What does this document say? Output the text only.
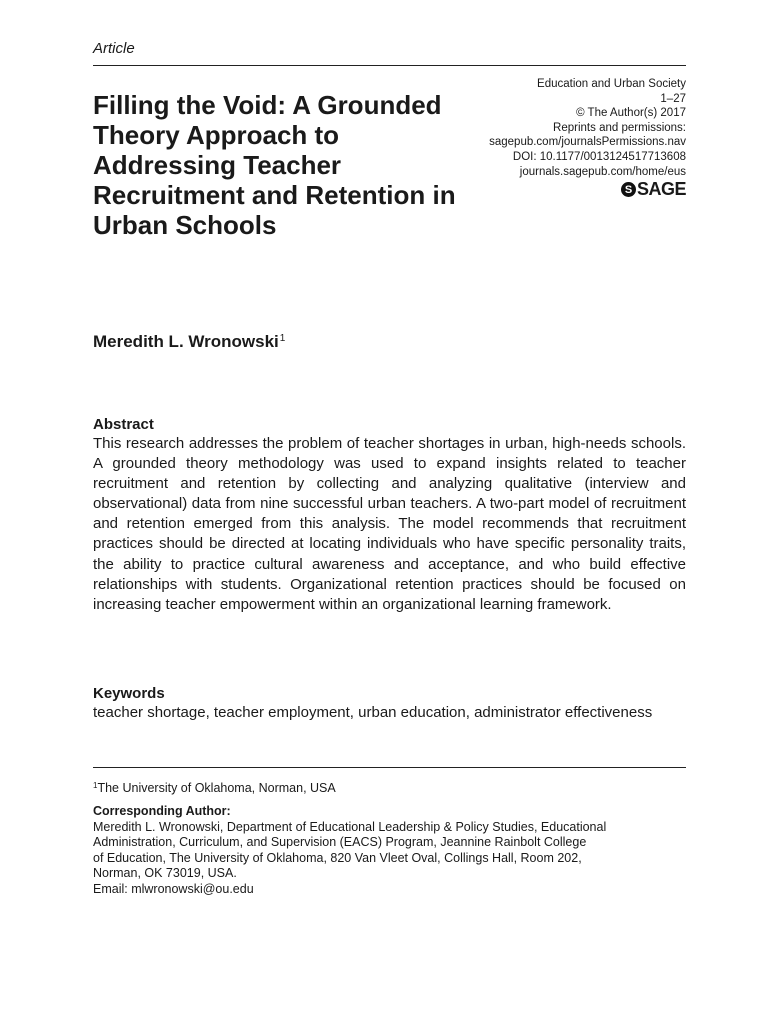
Article
Education and Urban Society
1–27
© The Author(s) 2017
Reprints and permissions:
sagepub.com/journalsPermissions.nav
DOI: 10.1177/0013124517713608
journals.sagepub.com/home/eus
S SAGE
Filling the Void: A Grounded Theory Approach to Addressing Teacher Recruitment and Retention in Urban Schools

Meredith L. Wronowski$^1$

Abstract

This research addresses the problem of teacher shortages in urban, high-needs schools. A grounded theory methodology was used to expand insights related to teacher recruitment and retention by collecting and analyzing qualitative (interview and observational) data from nine successful urban teachers. A two-part model of recruitment and retention emerged from this analysis. The model recommends that recruitment practices should be directed at locating individuals who have specific personality traits, the ability to practice cultural awareness and acceptance, and who build effective relationships with students. Organizational retention practices should be focused on increasing teacher empowerment within an organizational learning framework.

Keywords

teacher shortage, teacher employment, urban education, administrator effectiveness

$^1$The University of Oklahoma, Norman, USA
Corresponding Author:
Meredith L. Wronowski, Department of Educational Leadership & Policy Studies, Educational
Administration, Curriculum, and Supervision (EACS) Program, Jeannine Rainbolt College
of Education, The University of Oklahoma, 820 Van Vleet Oval, Collings Hall, Room 202,
Norman, OK 73019, USA.
Email: mlwronowski@ou.edu
